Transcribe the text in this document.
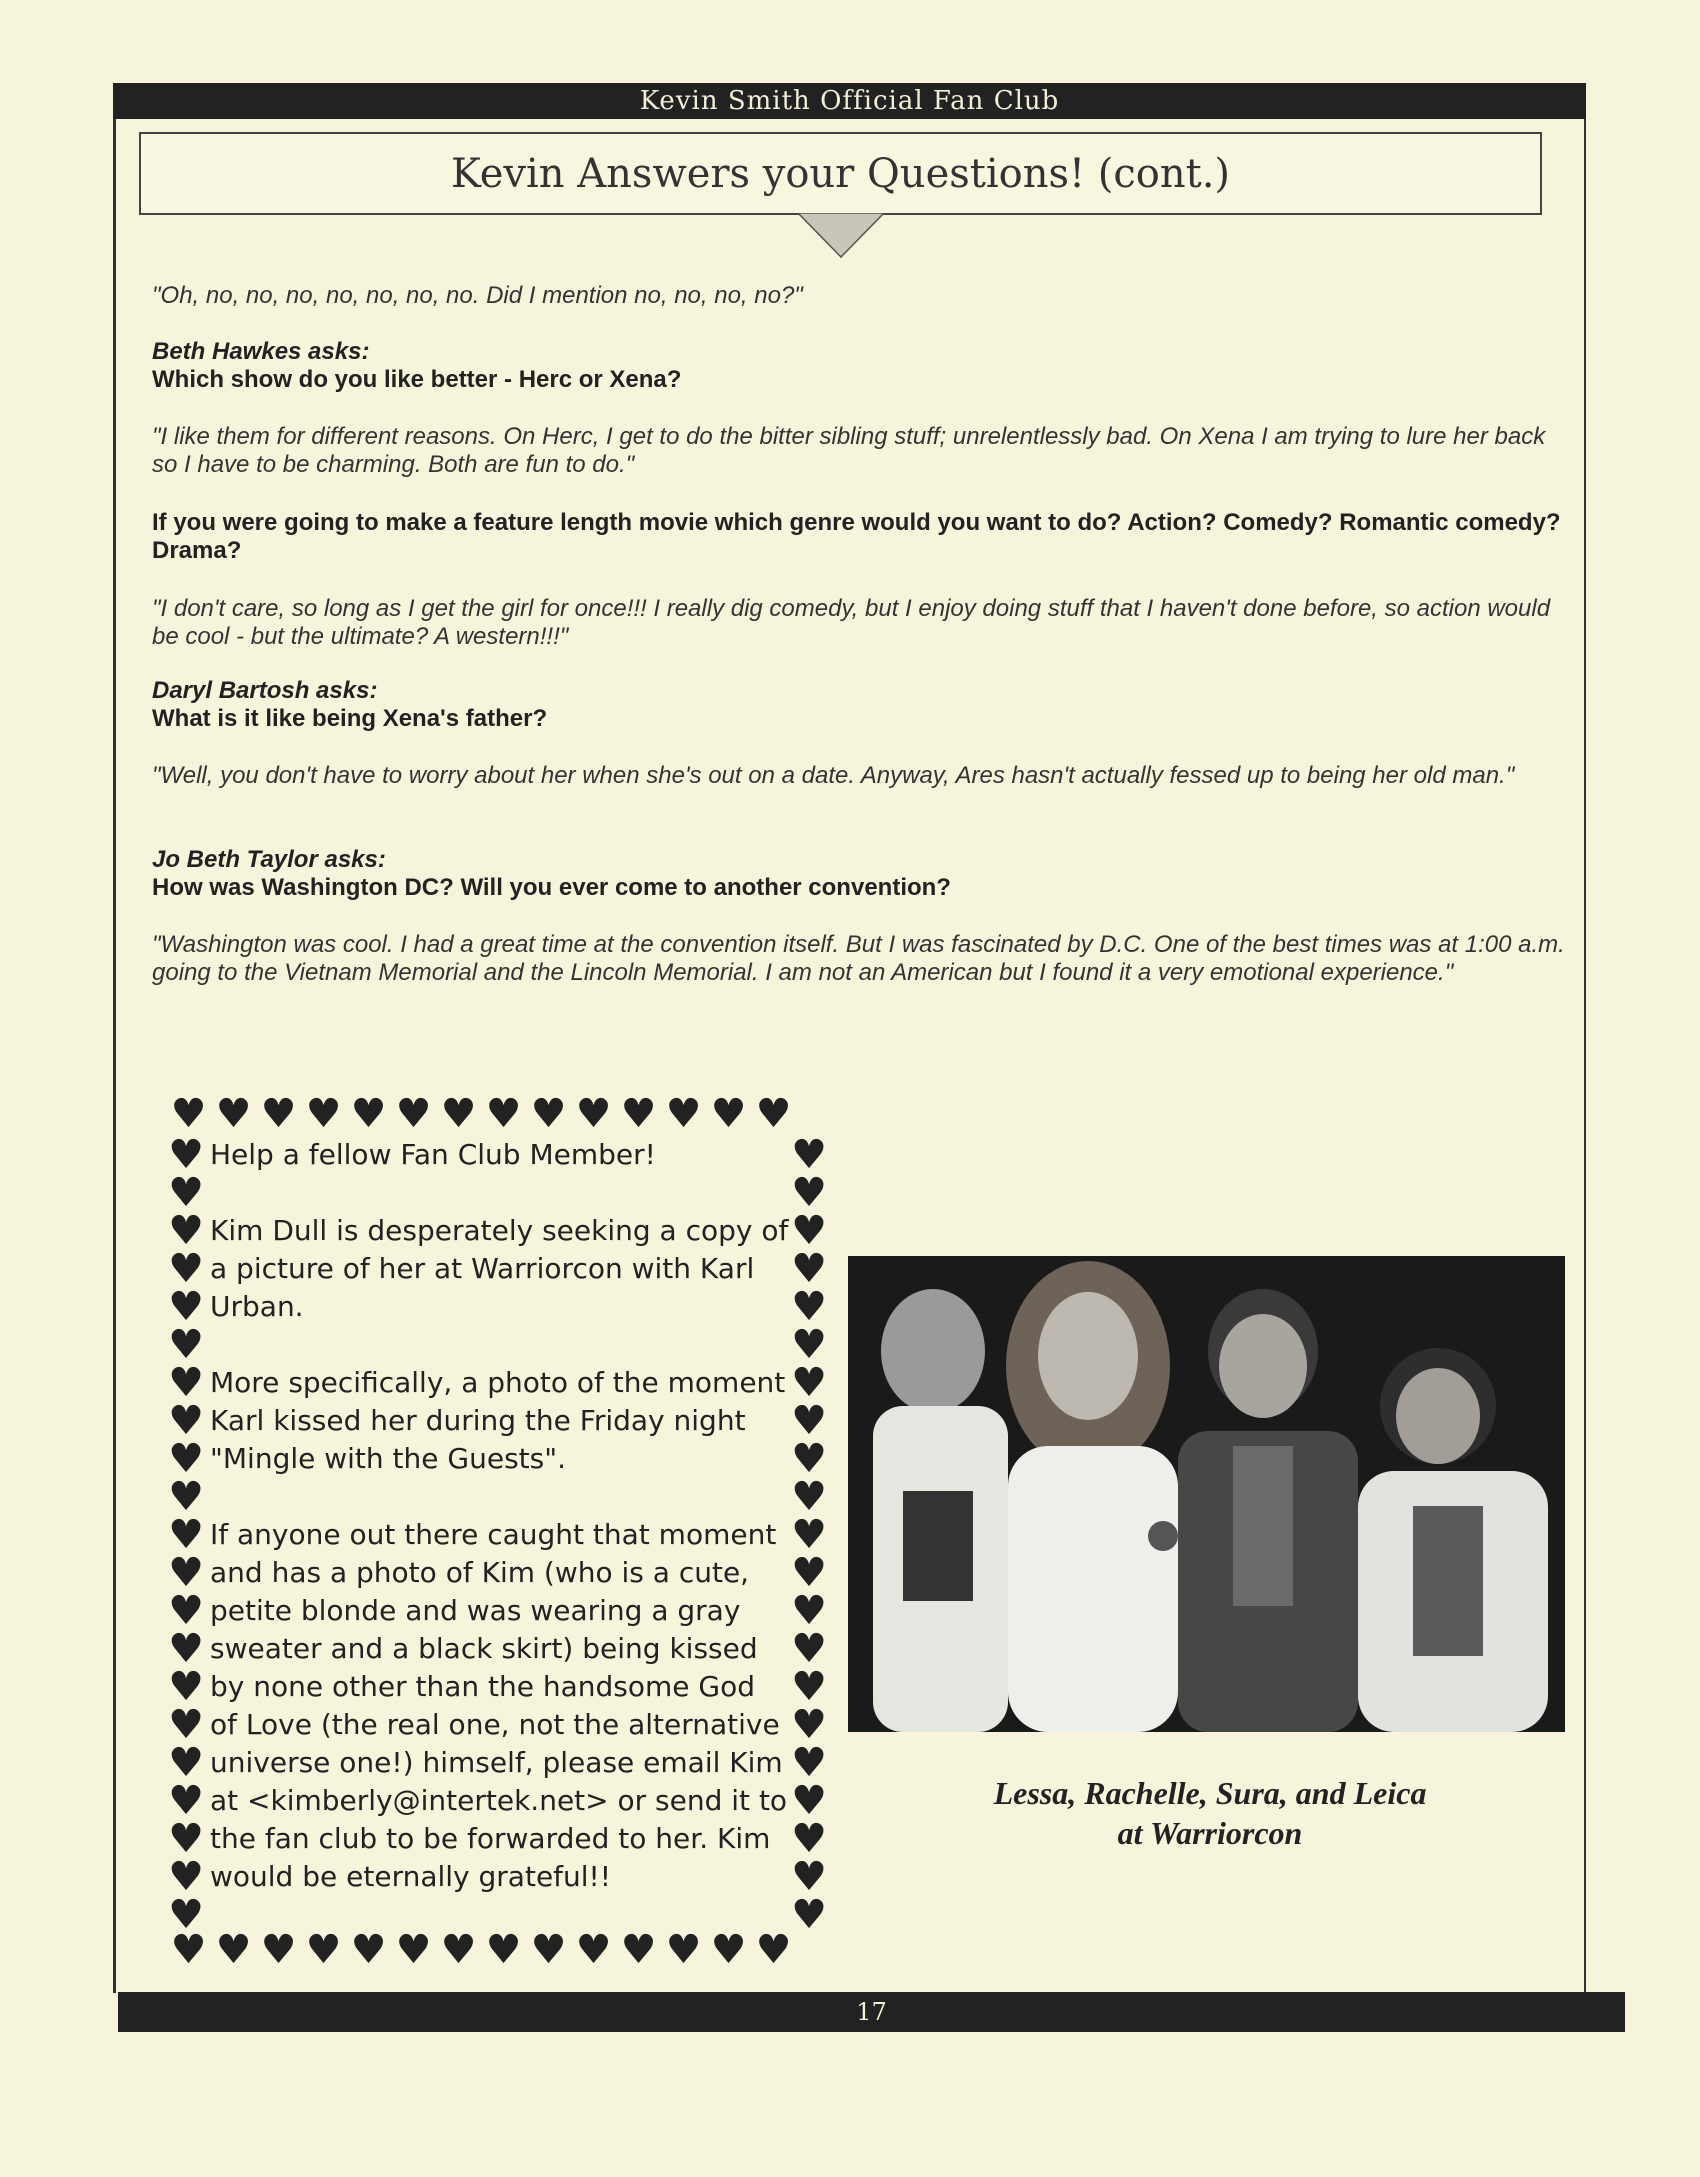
Kevin Smith Official Fan Club
Kevin Answers your Questions! (cont.)
"Oh, no, no, no, no, no, no, no. Did I mention no, no, no, no?"
Beth Hawkes asks:
Which show do you like better - Herc or Xena?
"I like them for different reasons. On Herc, I get to do the bitter sibling stuff; unrelentlessly bad. On Xena I am trying to lure her back so I have to be charming. Both are fun to do."
If you were going to make a feature length movie which genre would you want to do? Action? Comedy? Romantic comedy? Drama?
"I don't care, so long as I get the girl for once!!! I really dig comedy, but I enjoy doing stuff that I haven't done before, so action would be cool - but the ultimate? A western!!!"
Daryl Bartosh asks:
What is it like being Xena's father?
"Well, you don't have to worry about her when she's out on a date. Anyway, Ares hasn't actually fessed up to being her old man."
Jo Beth Taylor asks:
How was Washington DC? Will you ever come to another convention?
"Washington was cool. I had a great time at the convention itself. But I was fascinated by D.C. One of the best times was at 1:00 a.m. going to the Vietnam Memorial and the Lincoln Memorial. I am not an American but I found it a very emotional experience."
♥ ♥ ♥ ♥ ♥ ♥ ♥ ♥ ♥ ♥ ♥ ♥ ♥ ♥
♥ ♥ ♥ ♥ ♥ ♥ ♥ ♥ ♥ ♥ ♥ ♥ ♥ ♥
♥
♥
♥
♥
♥
♥
♥
♥
♥
♥
♥
♥
♥
♥
♥
♥
♥
♥
♥
♥
♥
♥
♥
♥
♥
♥
♥
♥
♥
♥
♥
♥
♥
♥
♥
♥
♥
♥
♥
♥
♥
♥

Help a fellow Fan Club Member!

Kim Dull is desperately seeking a copy of a picture of her at Warriorcon with Karl Urban.

More specifically, a photo of the moment Karl kissed her during the Friday night "Mingle with the Guests".

If anyone out there caught that moment and has a photo of Kim (who is a cute, petite blonde and was wearing a gray sweater and a black skirt) being kissed by none other than the handsome God of Love (the real one, not the alternative universe one!) himself, please email Kim at <kimberly@intertek.net> or send it to the fan club to be forwarded to her. Kim would be eternally grateful!!

Lessa, Rachelle, Sura, and Leica
at Warriorcon
17
